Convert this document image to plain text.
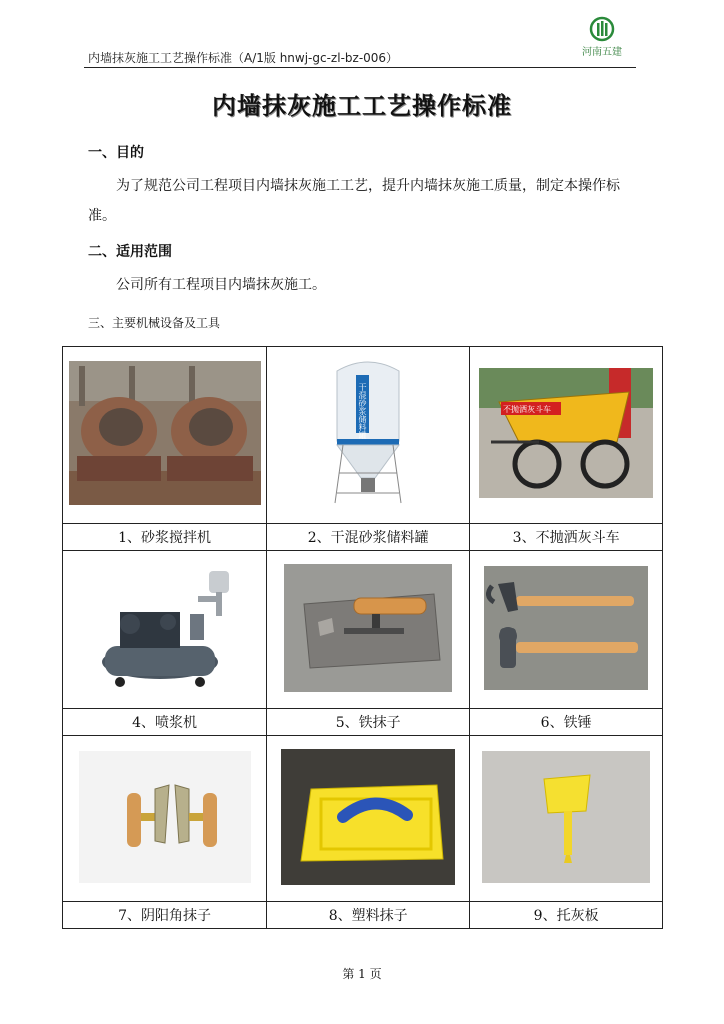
内墙抹灰施工工艺操作标准（A/1版 hnwj-gc-zl-bz-006）	河南五建
内墙抹灰施工工艺操作标准
一、目的
为了规范公司工程项目内墙抹灰施工工艺，提升内墙抹灰施工质量，制定本操作标准。
二、适用范围
公司所有工程项目内墙抹灰施工。
三、主要机械设备及工具

干混砂浆储料罐	不抛洒灰斗车

1、砂浆搅拌机	2、干混砂浆储料罐	3、不抛洒灰斗车

4、喷浆机	5、铁抹子	6、铁锤

7、阴阳角抹子	8、塑料抹子	9、托灰板
第 1 页
